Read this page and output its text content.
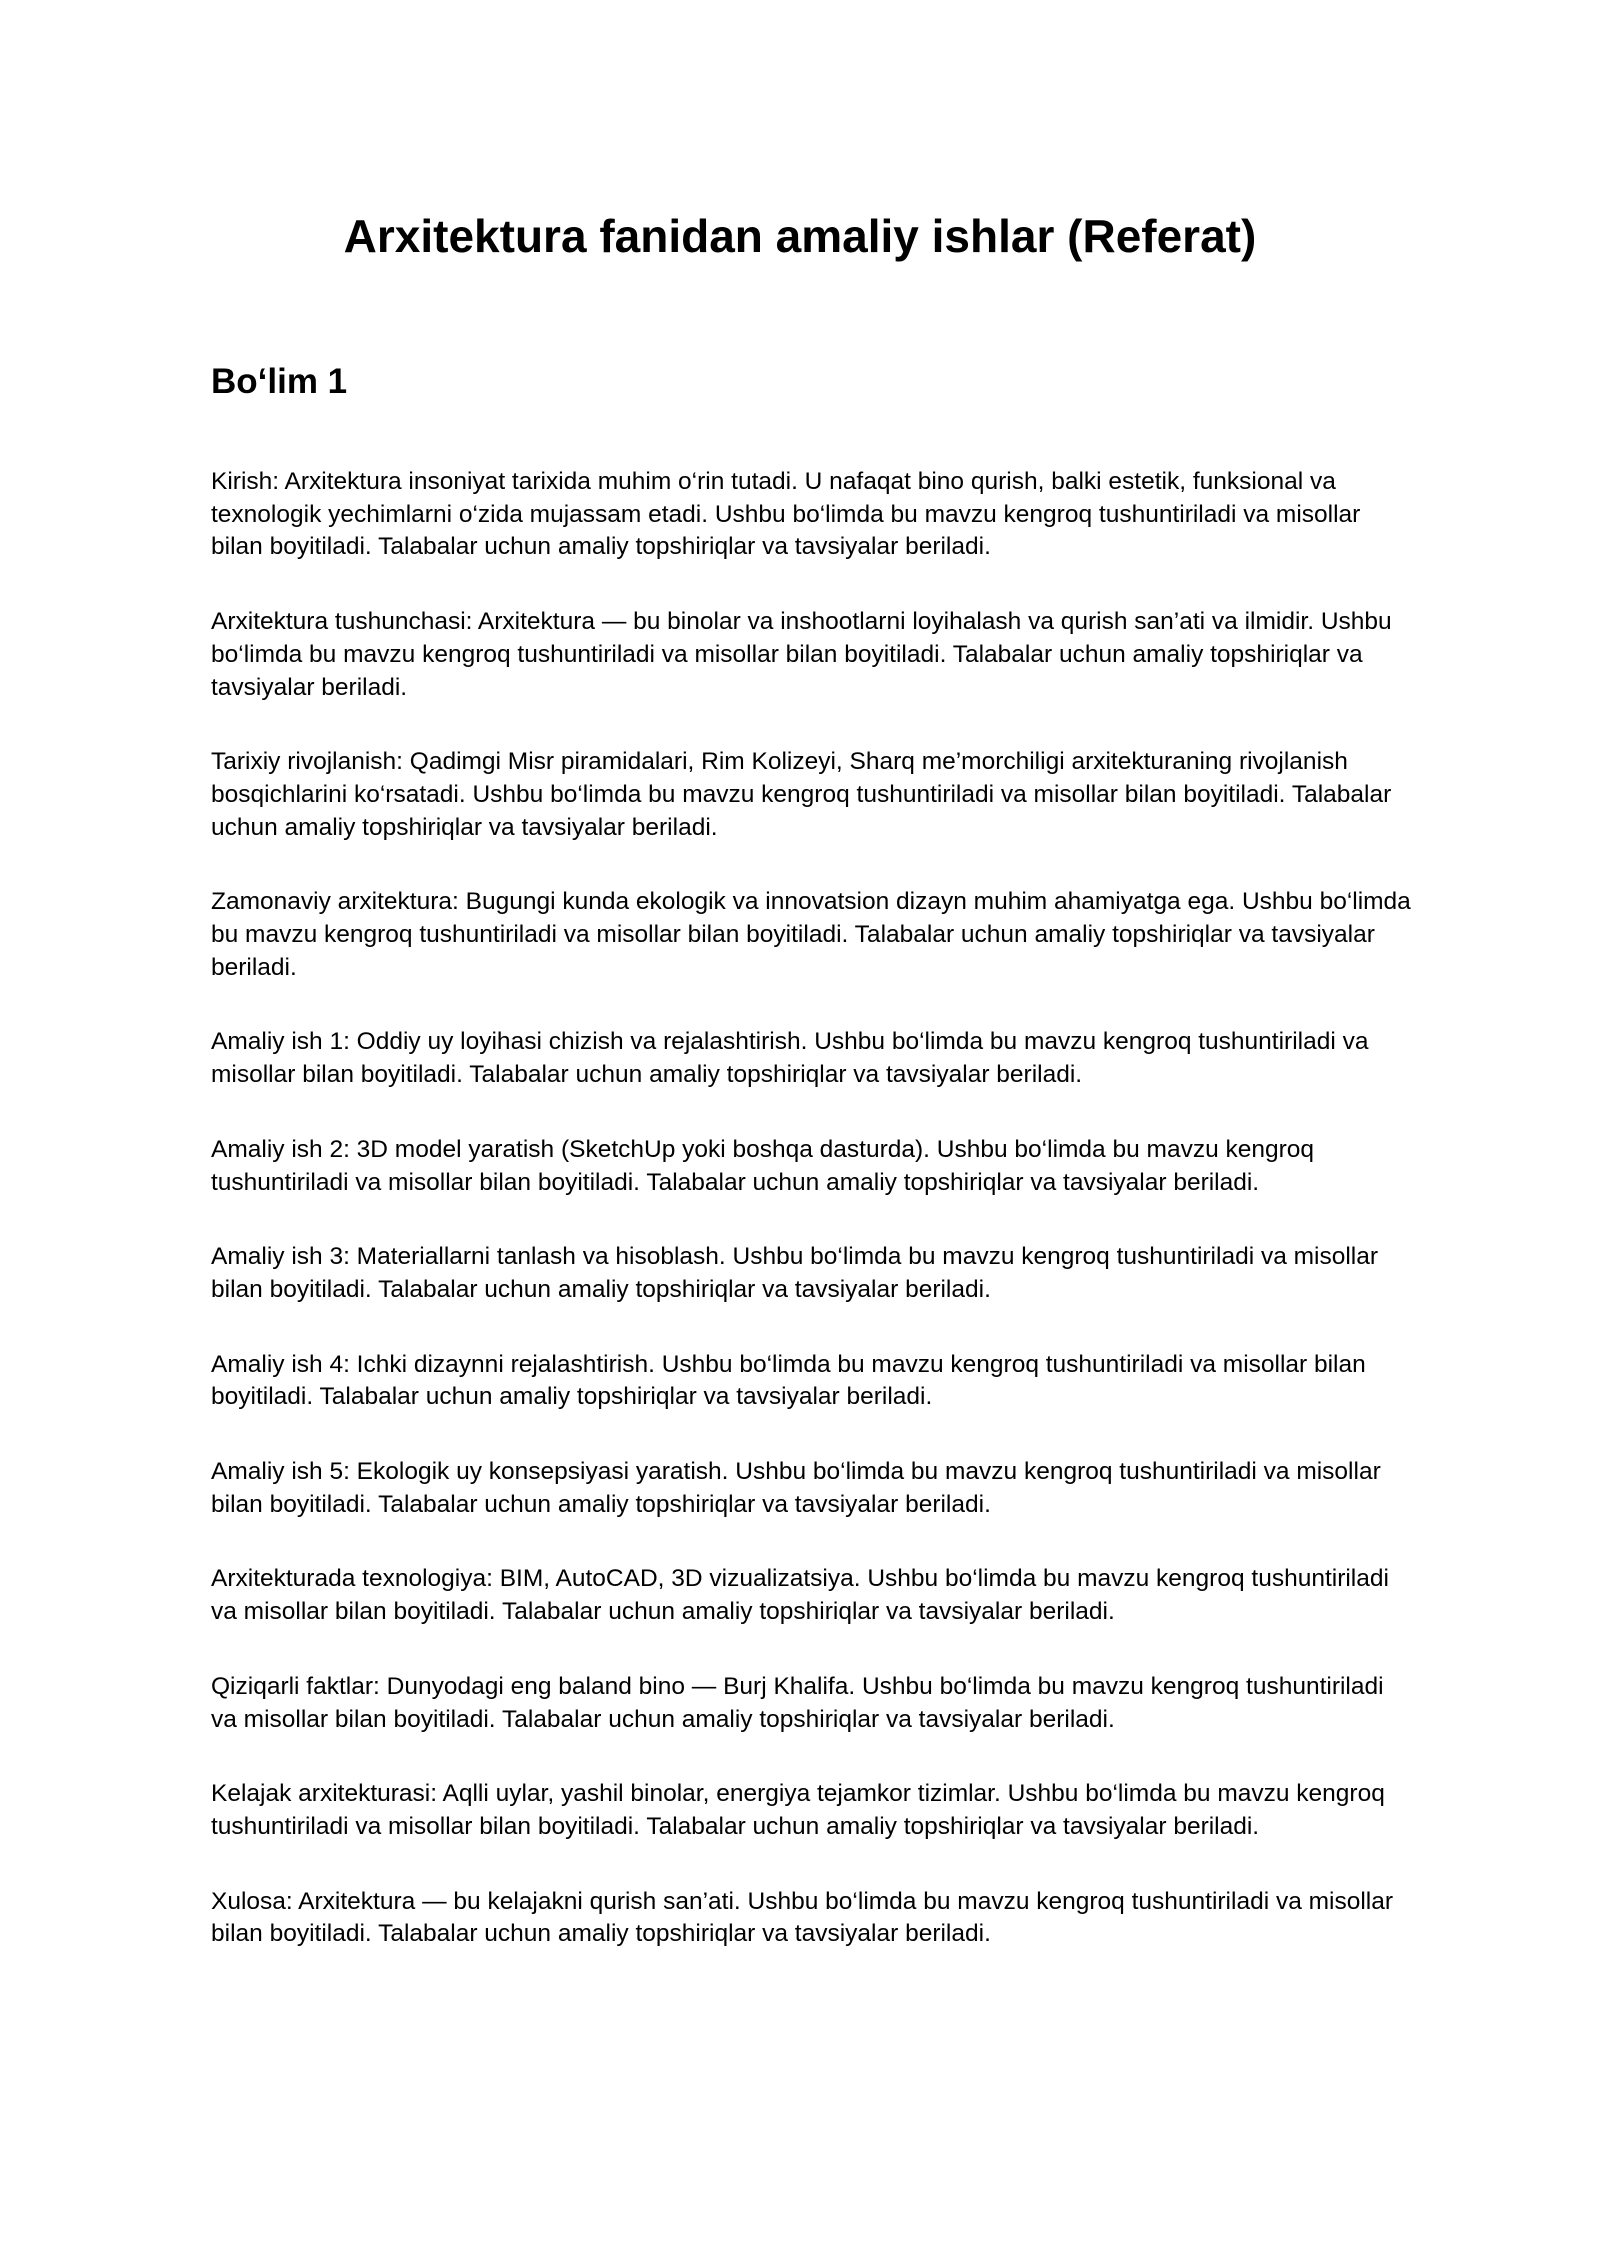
Arxitektura fanidan amaliy ishlar (Referat)
Bo‘lim 1

Kirish: Arxitektura insoniyat tarixida muhim o‘rin tutadi. U nafaqat bino qurish, balki estetik, funksional va texnologik yechimlarni o‘zida mujassam etadi. Ushbu bo‘limda bu mavzu kengroq tushuntiriladi va misollar bilan boyitiladi. Talabalar uchun amaliy topshiriqlar va tavsiyalar beriladi.

Arxitektura tushunchasi: Arxitektura — bu binolar va inshootlarni loyihalash va qurish san’ati va ilmidir. Ushbu bo‘limda bu mavzu kengroq tushuntiriladi va misollar bilan boyitiladi. Talabalar uchun amaliy topshiriqlar va tavsiyalar beriladi.

Tarixiy rivojlanish: Qadimgi Misr piramidalari, Rim Kolizeyi, Sharq me’morchiligi arxitekturaning rivojlanish bosqichlarini ko‘rsatadi. Ushbu bo‘limda bu mavzu kengroq tushuntiriladi va misollar bilan boyitiladi. Talabalar uchun amaliy topshiriqlar va tavsiyalar beriladi.

Zamonaviy arxitektura: Bugungi kunda ekologik va innovatsion dizayn muhim ahamiyatga ega. Ushbu bo‘limda bu mavzu kengroq tushuntiriladi va misollar bilan boyitiladi. Talabalar uchun amaliy topshiriqlar va tavsiyalar beriladi.

Amaliy ish 1: Oddiy uy loyihasi chizish va rejalashtirish. Ushbu bo‘limda bu mavzu kengroq tushuntiriladi va misollar bilan boyitiladi. Talabalar uchun amaliy topshiriqlar va tavsiyalar beriladi.

Amaliy ish 2: 3D model yaratish (SketchUp yoki boshqa dasturda). Ushbu bo‘limda bu mavzu kengroq tushuntiriladi va misollar bilan boyitiladi. Talabalar uchun amaliy topshiriqlar va tavsiyalar beriladi.

Amaliy ish 3: Materiallarni tanlash va hisoblash. Ushbu bo‘limda bu mavzu kengroq tushuntiriladi va misollar bilan boyitiladi. Talabalar uchun amaliy topshiriqlar va tavsiyalar beriladi.

Amaliy ish 4: Ichki dizaynni rejalashtirish. Ushbu bo‘limda bu mavzu kengroq tushuntiriladi va misollar bilan boyitiladi. Talabalar uchun amaliy topshiriqlar va tavsiyalar beriladi.

Amaliy ish 5: Ekologik uy konsepsiyasi yaratish. Ushbu bo‘limda bu mavzu kengroq tushuntiriladi va misollar bilan boyitiladi. Talabalar uchun amaliy topshiriqlar va tavsiyalar beriladi.

Arxitekturada texnologiya: BIM, AutoCAD, 3D vizualizatsiya. Ushbu bo‘limda bu mavzu kengroq tushuntiriladi va misollar bilan boyitiladi. Talabalar uchun amaliy topshiriqlar va tavsiyalar beriladi.

Qiziqarli faktlar: Dunyodagi eng baland bino — Burj Khalifa. Ushbu bo‘limda bu mavzu kengroq tushuntiriladi va misollar bilan boyitiladi. Talabalar uchun amaliy topshiriqlar va tavsiyalar beriladi.

Kelajak arxitekturasi: Aqlli uylar, yashil binolar, energiya tejamkor tizimlar. Ushbu bo‘limda bu mavzu kengroq tushuntiriladi va misollar bilan boyitiladi. Talabalar uchun amaliy topshiriqlar va tavsiyalar beriladi.

Xulosa: Arxitektura — bu kelajakni qurish san’ati. Ushbu bo‘limda bu mavzu kengroq tushuntiriladi va misollar bilan boyitiladi. Talabalar uchun amaliy topshiriqlar va tavsiyalar beriladi.
